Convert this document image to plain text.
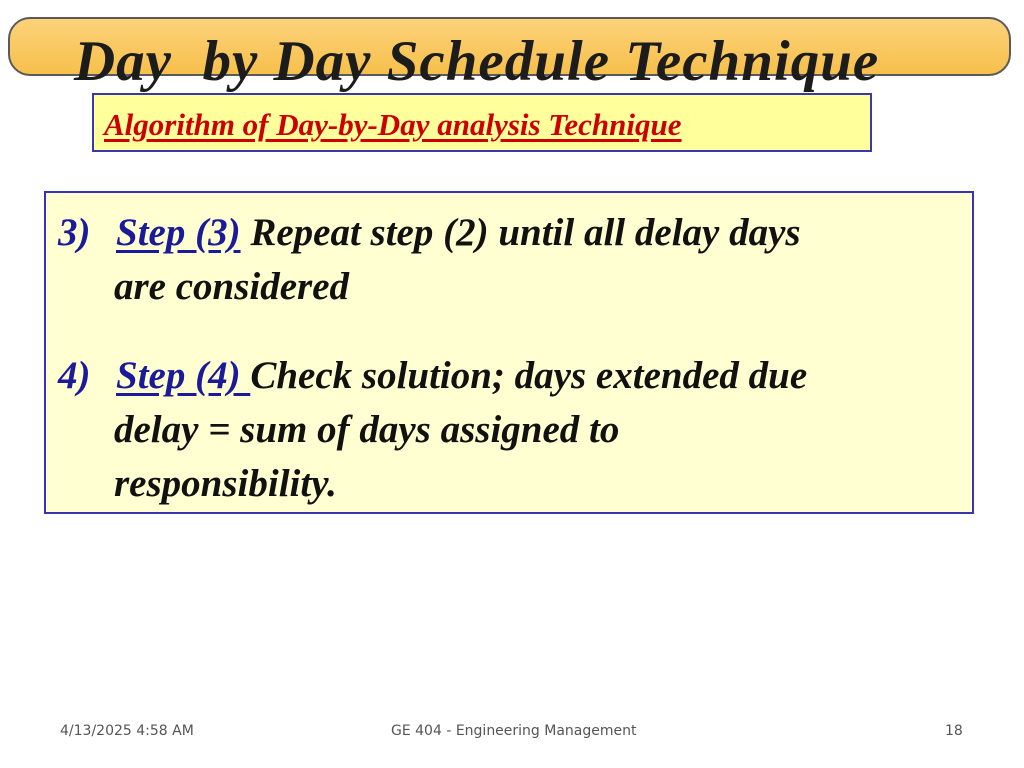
Day  by Day Schedule Technique
Algorithm of Day-by-Day analysis Technique
3) Step (3) Repeat step (2) until all delay days
are considered
4) Step (4) Check solution; days extended due
delay = sum of days assigned to
responsibility.
4/13/2025 4:58 AM	GE 404 - Engineering Management	18
